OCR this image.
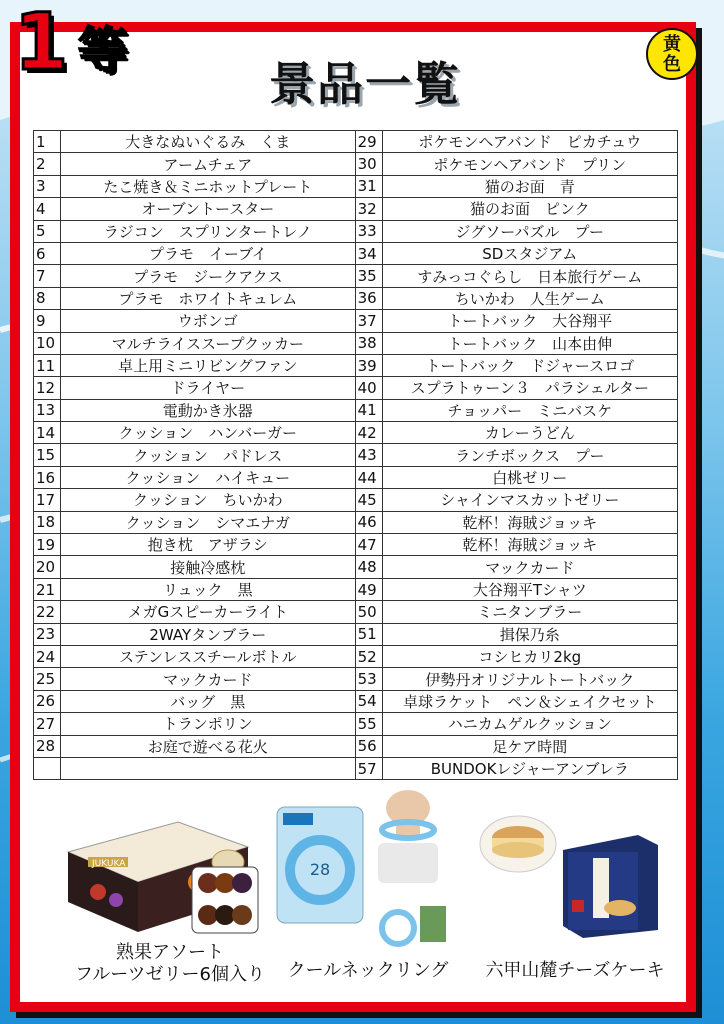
1 等
景品一覧
黄
色
1	大きなぬいぐるみ　くま	29	ポケモンヘアバンド　ピカチュウ
2	アームチェア	30	ポケモンヘアバンド　プリン
3	たこ焼き＆ミニホットプレート	31	猫のお面　青
4	オーブントースター	32	猫のお面　ピンク
5	ラジコン　スプリンタートレノ	33	ジグソーパズル　プー
6	プラモ　イーブイ	34	SDスタジアム
7	プラモ　ジークアクス	35	すみっコぐらし　日本旅行ゲーム
8	プラモ　ホワイトキュレム	36	ちいかわ　人生ゲーム
9	ウボンゴ	37	トートバック　大谷翔平
10	マルチライススープクッカー	38	トートバック　山本由伸
11	卓上用ミニリビングファン	39	トートバック　ドジャースロゴ
12	ドライヤー	40	スプラトゥーン３　パラシェルター
13	電動かき氷器	41	チョッパー　ミニバスケ
14	クッション　ハンバーガー	42	カレーうどん
15	クッション　パドレス	43	ランチボックス　プー
16	クッション　ハイキュー	44	白桃ゼリー
17	クッション　ちいかわ	45	シャインマスカットゼリー
18	クッション　シマエナガ	46	乾杯！海賊ジョッキ
19	抱き枕　アザラシ	47	乾杯！海賊ジョッキ
20	接触冷感枕	48	マックカード
21	リュック　黒	49	大谷翔平Tシャツ
22	メガGスピーカーライト	50	ミニタンブラー
23	2WAYタンブラー	51	揖保乃糸
24	ステンレススチールボトル	52	コシヒカリ2kg
25	マックカード	53	伊勢丹オリジナルトートバック
26	バッグ　黒	54	卓球ラケット　ペン＆シェイクセット
27	トランポリン	55	ハニカムゲルクッション
28	お庭で遊べる花火	56	足ケア時間
		57	BUNDOKレジャーアンブレラ
JUKUKA
熟果アソート
フルーツゼリー6個入り
28
クールネックリング	六甲山麓チーズケーキ
